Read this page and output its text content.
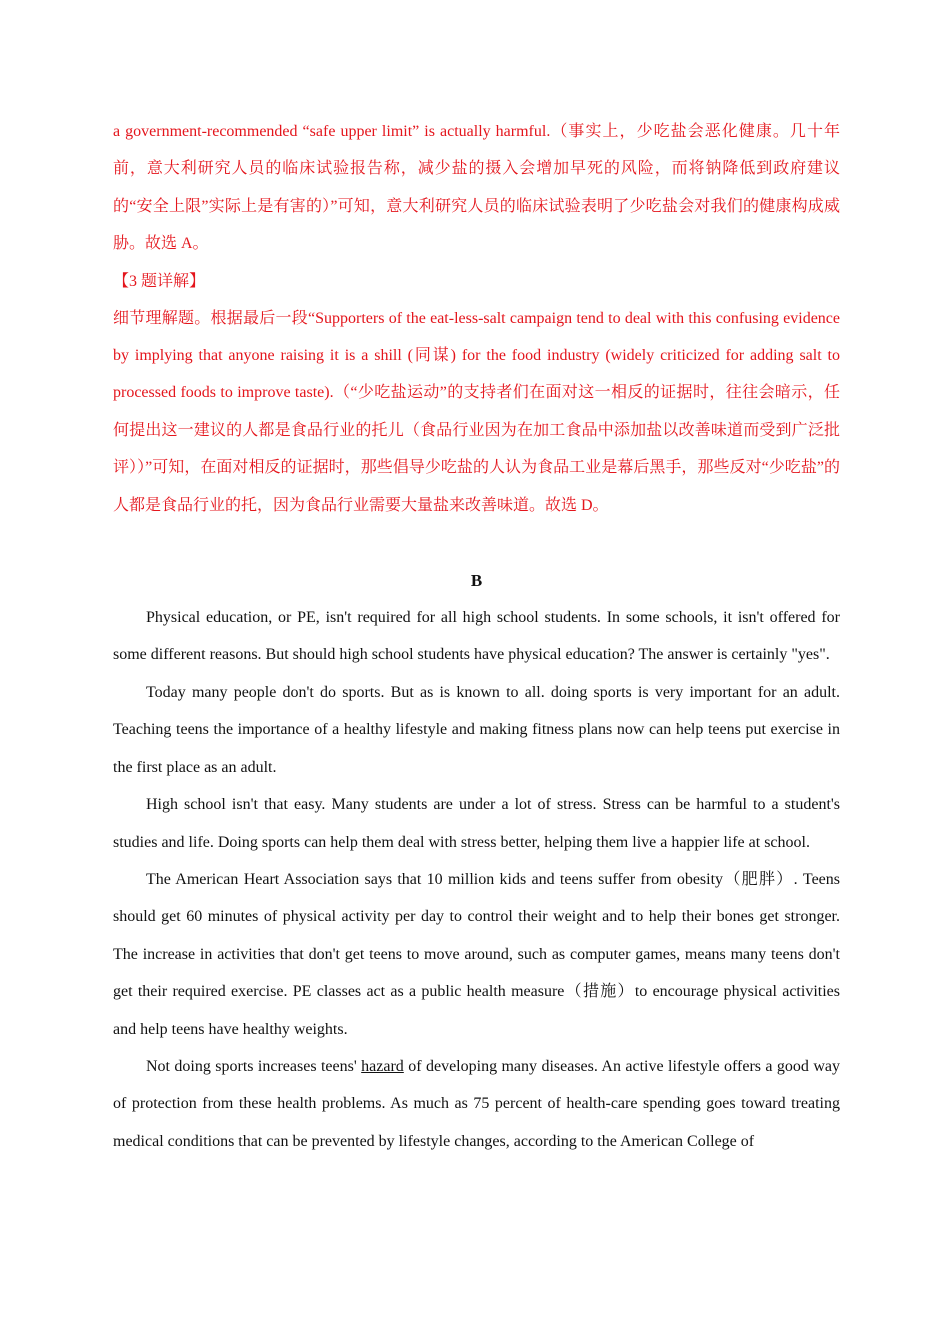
a government-recommended “safe upper limit” is actually harmful.（事实上，少吃盐会恶化健康。几十年前，意大利研究人员的临床试验报告称，减少盐的摄入会增加早死的风险，而将钠降低到政府建议的“安全上限”实际上是有害的）”可知，意大利研究人员的临床试验表明了少吃盐会对我们的健康构成威胁。故选 A。

【3 题详解】

细节理解题。根据最后一段“Supporters of the eat-less-salt campaign tend to deal with this confusing evidence by implying that anyone raising it is a shill (同谋) for the food industry (widely criticized for adding salt to processed foods to improve taste).（“少吃盐运动”的支持者们在面对这一相反的证据时，往往会暗示，任何提出这一建议的人都是食品行业的托儿（食品行业因为在加工食品中添加盐以改善味道而受到广泛批评））”可知，在面对相反的证据时，那些倡导少吃盐的人认为食品工业是幕后黑手，那些反对“少吃盐”的人都是食品行业的托，因为食品行业需要大量盐来改善味道。故选 D。

B

Physical education, or PE, isn't required for all high school students. In some schools, it isn't offered for some different reasons. But should high school students have physical education? The answer is certainly "yes".

Today many people don't do sports. But as is known to all. doing sports is very important for an adult. Teaching teens the importance of a healthy lifestyle and making fitness plans now can help teens put exercise in the first place as an adult.

High school isn't that easy. Many students are under a lot of stress. Stress can be harmful to a student's studies and life. Doing sports can help them deal with stress better, helping them live a happier life at school.

The American Heart Association says that 10 million kids and teens suffer from obesity（肥胖）. Teens should get 60 minutes of physical activity per day to control their weight and to help their bones get stronger. The increase in activities that don't get teens to move around, such as computer games, means many teens don't get their required exercise. PE classes act as a public health measure（措施）to encourage physical activities and help teens have healthy weights.

Not doing sports increases teens' hazard of developing many diseases. An active lifestyle offers a good way of protection from these health problems. As much as 75 percent of health-care spending goes toward treating medical conditions that can be prevented by lifestyle changes, according to the American College of
